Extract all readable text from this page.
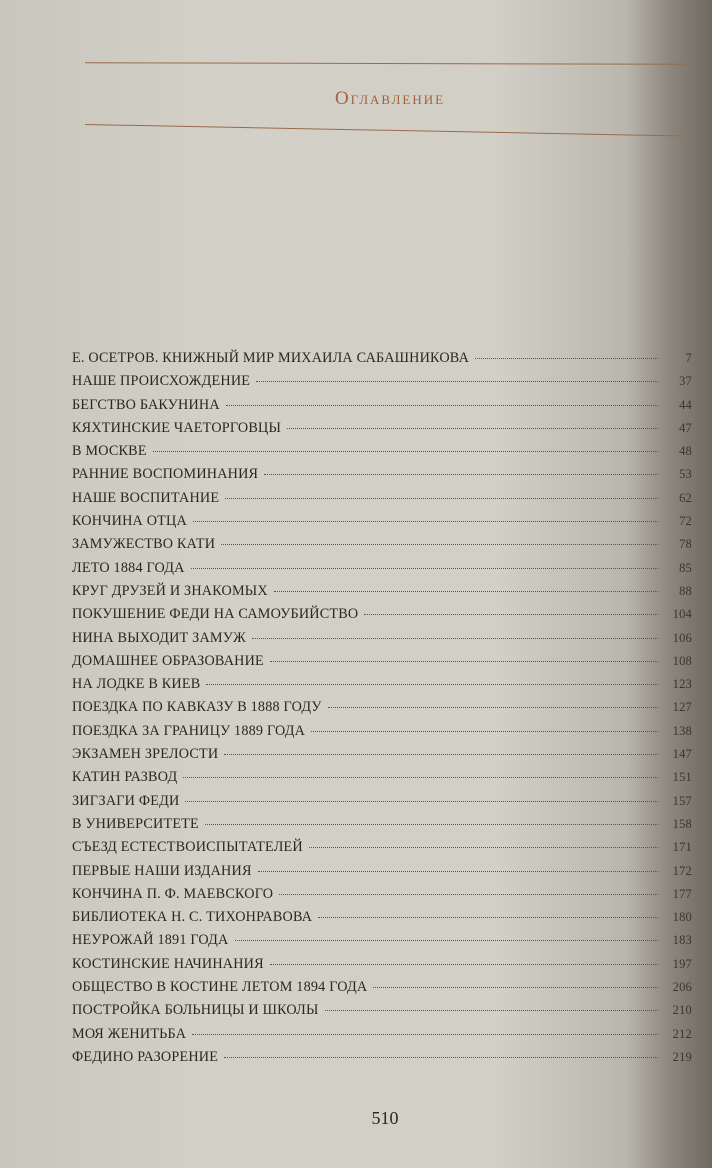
Оглавление
Е. ОСЕТРОВ. КНИЖНЫЙ МИР МИХАИЛА САБАШНИКОВА	7
НАШЕ ПРОИСХОЖДЕНИЕ	37
БЕГСТВО БАКУНИНА	44
КЯХТИНСКИЕ ЧАЕТОРГОВЦЫ	47
В МОСКВЕ	48
РАННИЕ ВОСПОМИНАНИЯ	53
НАШЕ ВОСПИТАНИЕ	62
КОНЧИНА ОТЦА	72
ЗАМУЖЕСТВО КАТИ	78
ЛЕТО 1884 ГОДА	85
КРУГ ДРУЗЕЙ И ЗНАКОМЫХ	88
ПОКУШЕНИЕ ФЕДИ НА САМОУБИЙСТВО	104
НИНА ВЫХОДИТ ЗАМУЖ	106
ДОМАШНЕЕ ОБРАЗОВАНИЕ	108
НА ЛОДКЕ В КИЕВ	123
ПОЕЗДКА ПО КАВКАЗУ В 1888 ГОДУ	127
ПОЕЗДКА ЗА ГРАНИЦУ 1889 ГОДА	138
ЭКЗАМЕН ЗРЕЛОСТИ	147
КАТИН РАЗВОД	151
ЗИГЗАГИ ФЕДИ	157
В УНИВЕРСИТЕТЕ	158
СЪЕЗД ЕСТЕСТВОИСПЫТАТЕЛЕЙ	171
ПЕРВЫЕ НАШИ ИЗДАНИЯ	172
КОНЧИНА П. Ф. МАЕВСКОГО	177
БИБЛИОТЕКА Н. С. ТИХОНРАВОВА	180
НЕУРОЖАЙ 1891 ГОДА	183
КОСТИНСКИЕ НАЧИНАНИЯ	197
ОБЩЕСТВО В КОСТИНЕ ЛЕТОМ 1894 ГОДА	206
ПОСТРОЙКА БОЛЬНИЦЫ И ШКОЛЫ	210
МОЯ ЖЕНИТЬБА	212
ФЕДИНО РАЗОРЕНИЕ	219
510
